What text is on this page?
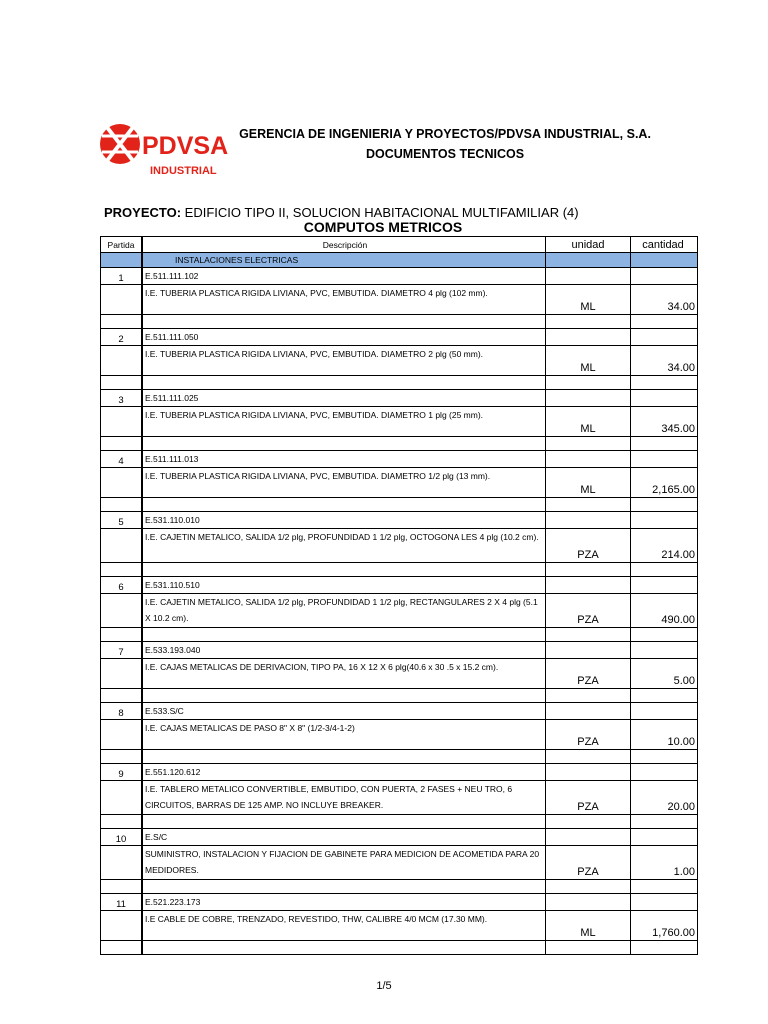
PDVSA
INDUSTRIAL
GERENCIA DE INGENIERIA Y PROYECTOS/PDVSA INDUSTRIAL, S.A.
DOCUMENTOS TECNICOS
PROYECTO: EDIFICIO TIPO II, SOLUCION HABITACIONAL MULTIFAMILIAR (4)
COMPUTOS METRICOS
Partida	Descripción	unidad	cantidad
	INSTALACIONES ELECTRICAS		
1	E.511.111.102		
	I.E. TUBERIA PLASTICA RIGIDA LIVIANA, PVC, EMBUTIDA. DIAMETRO 4 plg (102 mm).	ML	34.00

2	E.511.111.050		
	I.E. TUBERIA PLASTICA RIGIDA LIVIANA, PVC, EMBUTIDA. DIAMETRO 2 plg (50 mm).	ML	34.00

3	E.511.111.025		
	I.E. TUBERIA PLASTICA RIGIDA LIVIANA, PVC, EMBUTIDA. DIAMETRO 1 plg (25 mm).	ML	345.00

4	E.511.111.013		
	I.E. TUBERIA PLASTICA RIGIDA LIVIANA, PVC, EMBUTIDA. DIAMETRO 1/2 plg (13 mm).	ML	2,165.00

5	E.531.110.010		
	I.E. CAJETIN METALICO, SALIDA 1/2 plg, PROFUNDIDAD 1 1/2 plg, OCTOGONA LES 4 plg (10.2 cm).	PZA	214.00

6	E.531.110.510		
	I.E. CAJETIN METALICO, SALIDA 1/2 plg, PROFUNDIDAD 1 1/2 plg, RECTANGULARES 2 X 4 plg (5.1 X 10.2 cm).	PZA	490.00

7	E.533.193.040		
	I.E. CAJAS METALICAS DE DERIVACION, TIPO PA, 16 X 12 X 6 plg(40.6 x 30 .5 x 15.2 cm).	PZA	5.00

8	E.533.S/C		
	I.E. CAJAS METALICAS DE PASO 8" X 8" (1/2-3/4-1-2)	PZA	10.00

9	E.551.120.612		
	I.E. TABLERO METALICO CONVERTIBLE, EMBUTIDO, CON PUERTA, 2 FASES + NEU TRO, 6 CIRCUITOS, BARRAS DE 125 AMP. NO INCLUYE BREAKER.	PZA	20.00

10	E.S/C		
	SUMINISTRO, INSTALACION Y FIJACION DE GABINETE PARA MEDICION DE ACOMETIDA PARA 20 MEDIDORES.	PZA	1.00

11	E.521.223.173		
	I.E CABLE DE COBRE, TRENZADO, REVESTIDO, THW, CALIBRE 4/0 MCM (17.30 MM).	ML	1,760.00

1/5
